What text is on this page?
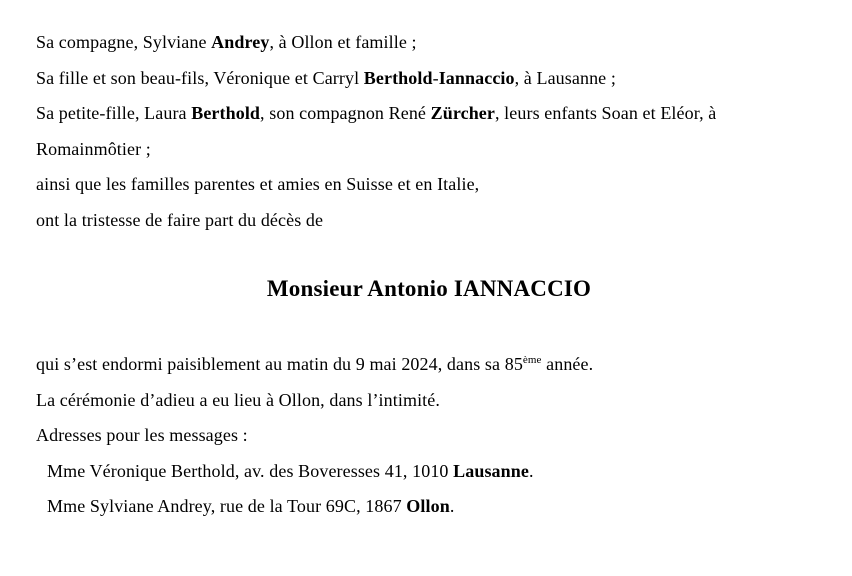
Sa compagne, Sylviane Andrey, à Ollon et famille ;

Sa fille et son beau-fils, Véronique et Carryl Berthold-Iannaccio, à Lausanne ;

Sa petite-fille, Laura Berthold, son compagnon René Zürcher, leurs enfants Soan et Eléor, à

Romainmôtier ;

ainsi que les familles parentes et amies en Suisse et en Italie,

ont la tristesse de faire part du décès de

Monsieur Antonio IANNACCIO

qui s’est endormi paisiblement au matin du 9 mai 2024, dans sa 85ème année.

La cérémonie d’adieu a eu lieu à Ollon, dans l’intimité.

Adresses pour les messages :

Mme Véronique Berthold, av. des Boveresses 41, 1010 Lausanne.

Mme Sylviane Andrey, rue de la Tour 69C, 1867 Ollon.
